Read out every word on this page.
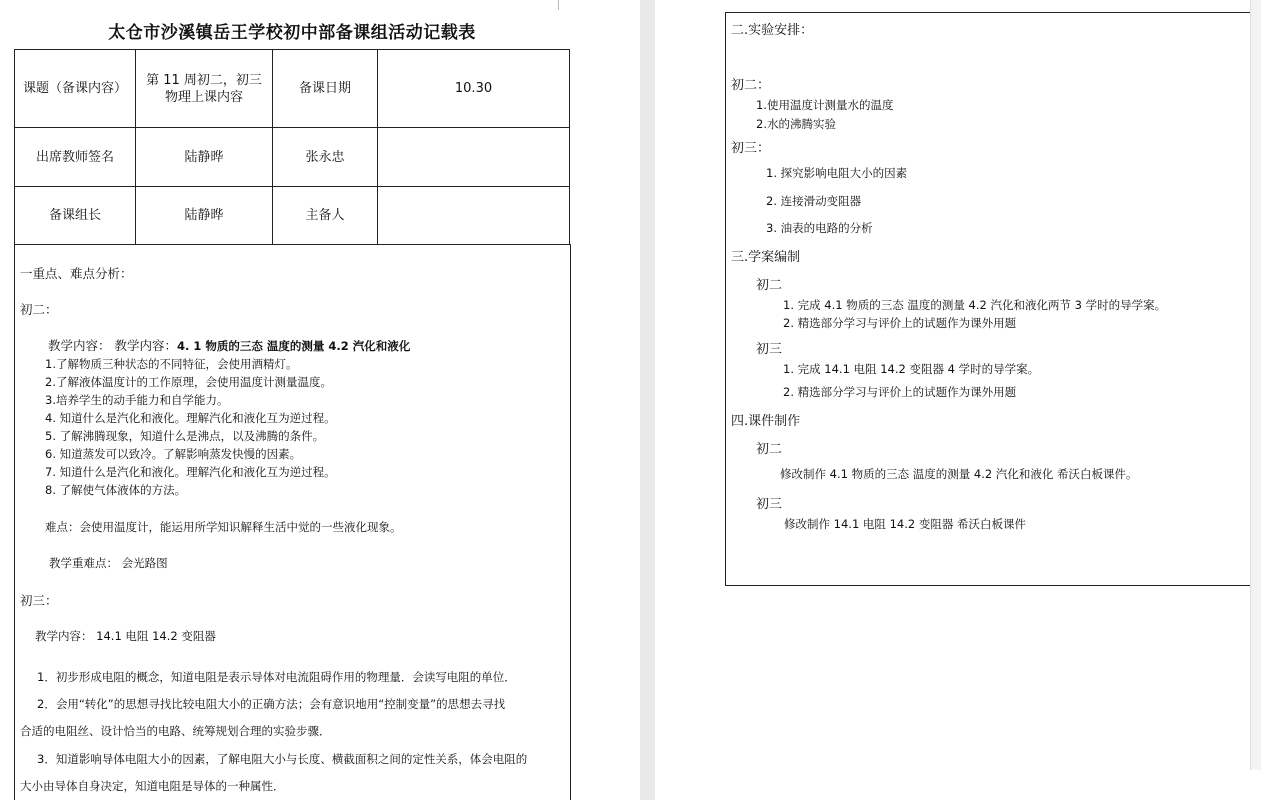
太仓市沙溪镇岳王学校初中部备课组活动记载表
课题（备课内容）	第 11 周初二，初三物理上课内容	备课日期	10.30
出席教师签名	陆静晔	张永忠	
备课组长	陆静晔	主备人	
一重点、难点分析：
初二：
教学内容： 教学内容：4. 1 物质的三态 温度的测量 4.2 汽化和液化
1.了解物质三种状态的不同特征，会使用酒精灯。
2.了解液体温度计的工作原理，会使用温度计测量温度。
3.培养学生的动手能力和自学能力。
4. 知道什么是汽化和液化。理解汽化和液化互为逆过程。
5. 了解沸腾现象，知道什么是沸点，以及沸腾的条件。
6. 知道蒸发可以致冷。了解影响蒸发快慢的因素。
7. 知道什么是汽化和液化。理解汽化和液化互为逆过程。
8. 了解使气体液体的方法。
难点：会使用温度计，能运用所学知识解释生活中觉的一些液化现象。
教学重难点： 会光路图
初三：
教学内容： 14.1 电阻 14.2 变阻器
1．初步形成电阻的概念，知道电阻是表示导体对电流阻碍作用的物理量．会读写电阻的单位．
2．会用“转化”的思想寻找比较电阻大小的正确方法；会有意识地用“控制变量”的思想去寻找
合适的电阻丝、设计恰当的电路、统筹规划合理的实验步骤．
3．知道影响导体电阻大小的因素，了解电阻大小与长度、横截面积之间的定性关系，体会电阻的
大小由导体自身决定，知道电阻是导体的一种属性．
二.实验安排：
初二：
1.使用温度计测量水的温度
2.水的沸腾实验
初三：
1. 探究影响电阻大小的因素
2. 连接滑动变阻器
3. 油表的电路的分析
三.学案编制
初二
1. 完成 4.1 物质的三态 温度的测量 4.2 汽化和液化两节 3 学时的导学案。
2. 精选部分学习与评价上的试题作为课外用题
初三
1. 完成 14.1 电阻 14.2 变阻器 4 学时的导学案。
2. 精选部分学习与评价上的试题作为课外用题
四.课件制作
初二
修改制作 4.1 物质的三态 温度的测量 4.2 汽化和液化 希沃白板课件。
初三
修改制作 14.1 电阻 14.2 变阻器 希沃白板课件
